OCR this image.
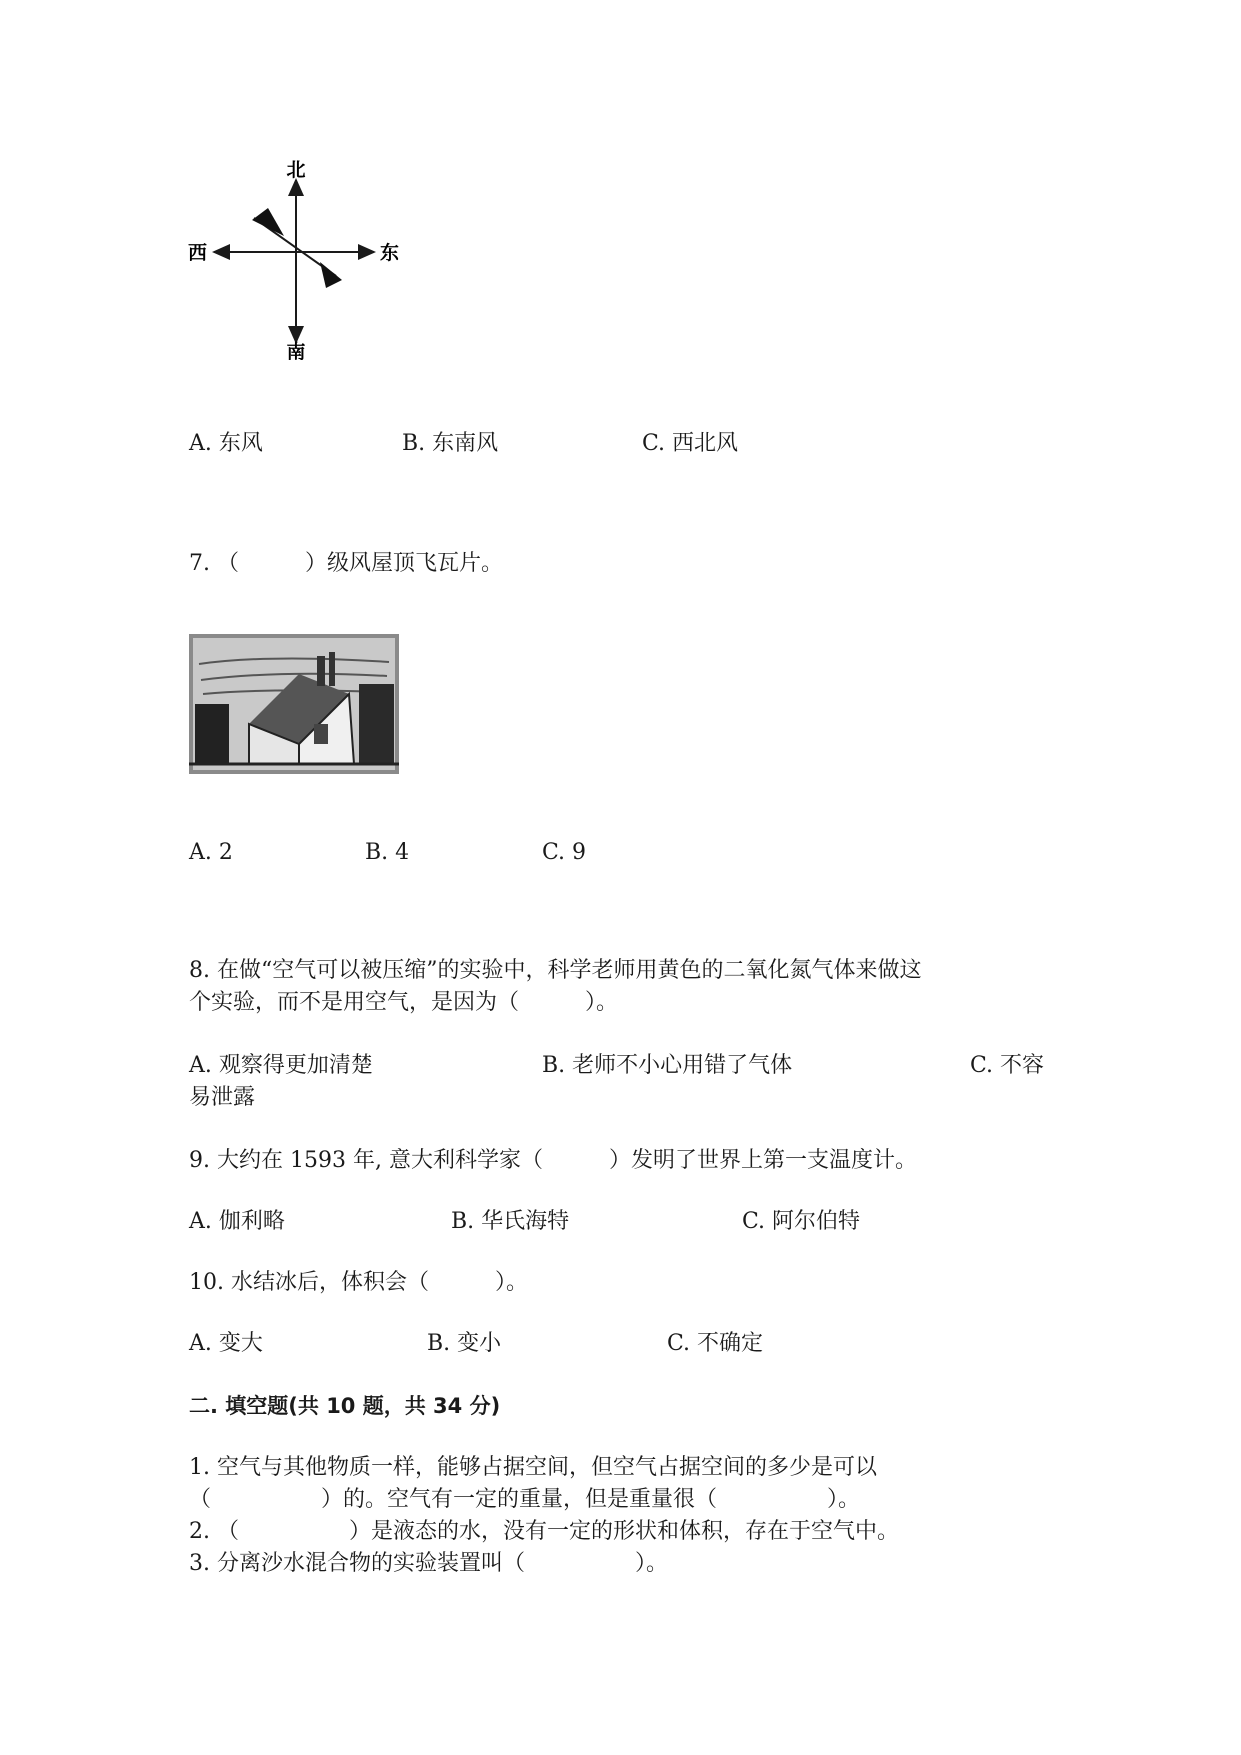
北
南
东
西
A. 东风	B. 东南风	C. 西北风
7. （　　　）级风屋顶飞瓦片。
A. 2	B. 4	C. 9
8. 在做“空气可以被压缩”的实验中，科学老师用黄色的二氧化氮气体来做这
个实验，而不是用空气，是因为（　　　）。
A. 观察得更加清楚	B. 老师不小心用错了气体	C. 不容
易泄露
9. 大约在 1593 年, 意大利科学家（　　　）发明了世界上第一支温度计。
A. 伽利略	B. 华氏海特	C. 阿尔伯特
10. 水结冰后，体积会（　　　）。
A. 变大	B. 变小	C. 不确定
二. 填空题(共 10 题，共 34 分)
1. 空气与其他物质一样，能够占据空间，但空气占据空间的多少是可以
（　　　　　）的。空气有一定的重量，但是重量很（　　　　　）。
2. （　　　　　）是液态的水，没有一定的形状和体积，存在于空气中。
3. 分离沙水混合物的实验装置叫（　　　　　）。
